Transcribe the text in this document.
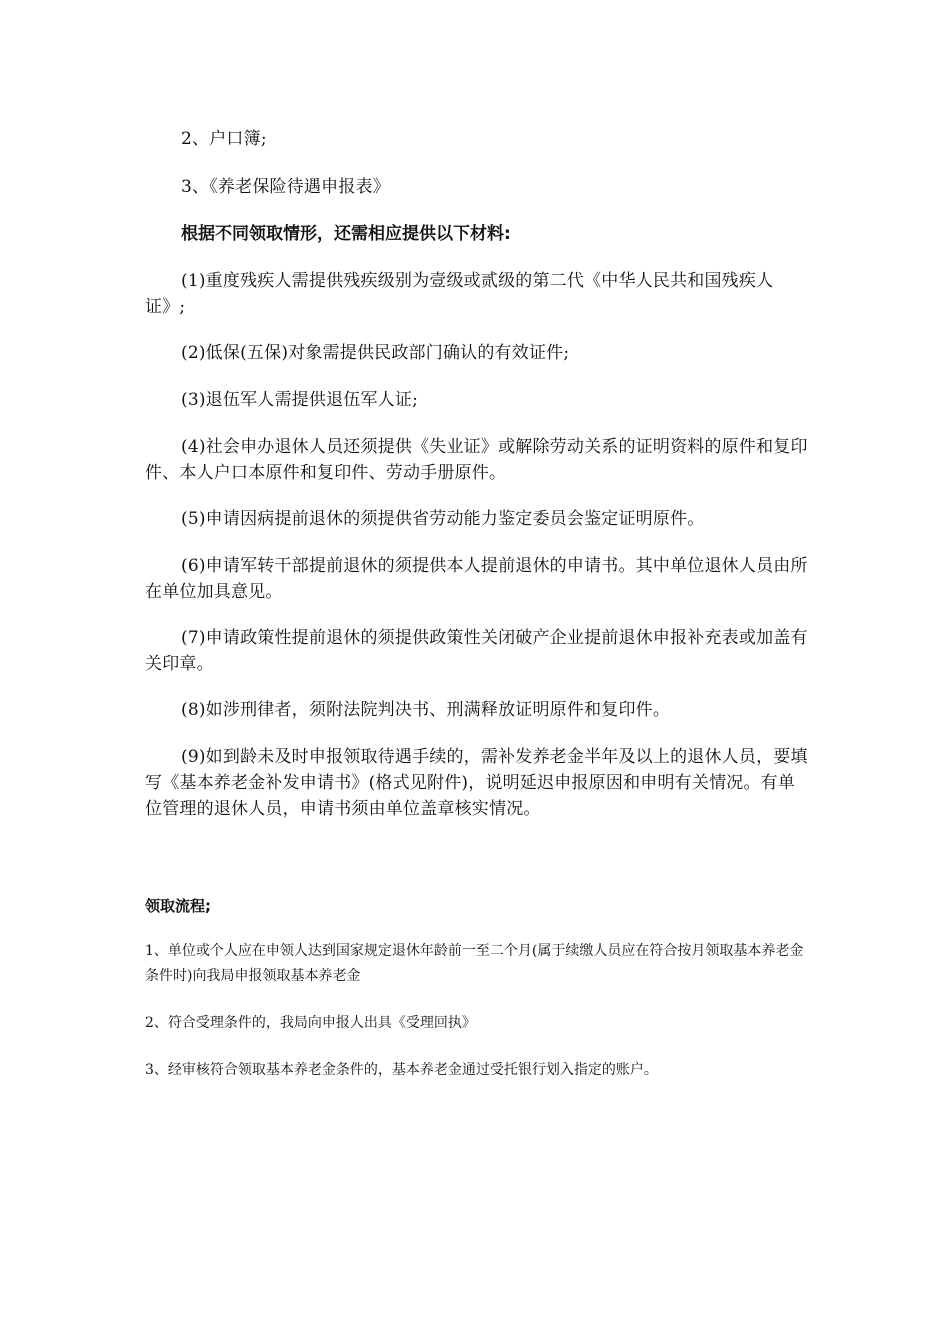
2、户口簿;

3、《养老保险待遇申报表》

根据不同领取情形，还需相应提供以下材料:

(1)重度残疾人需提供残疾级别为壹级或贰级的第二代《中华人民共和国残疾人证》;

(2)低保(五保)对象需提供民政部门确认的有效证件;

(3)退伍军人需提供退伍军人证;

(4)社会申办退休人员还须提供《失业证》或解除劳动关系的证明资料的原件和复印件、本人户口本原件和复印件、劳动手册原件。

(5)申请因病提前退休的须提供省劳动能力鉴定委员会鉴定证明原件。

(6)申请军转干部提前退休的须提供本人提前退休的申请书。其中单位退休人员由所在单位加具意见。

(7)申请政策性提前退休的须提供政策性关闭破产企业提前退休申报补充表或加盖有关印章。

(8)如涉刑律者，须附法院判决书、刑满释放证明原件和复印件。

(9)如到龄未及时申报领取待遇手续的，需补发养老金半年及以上的退休人员，要填写《基本养老金补发申请书》(格式见附件)，说明延迟申报原因和申明有关情况。有单位管理的退休人员，申请书须由单位盖章核实情况。

领取流程;

1、单位或个人应在申领人达到国家规定退休年龄前一至二个月(属于续缴人员应在符合按月领取基本养老金条件时)向我局申报领取基本养老金

2、符合受理条件的，我局向申报人出具《受理回执》

3、经审核符合领取基本养老金条件的，基本养老金通过受托银行划入指定的账户。
